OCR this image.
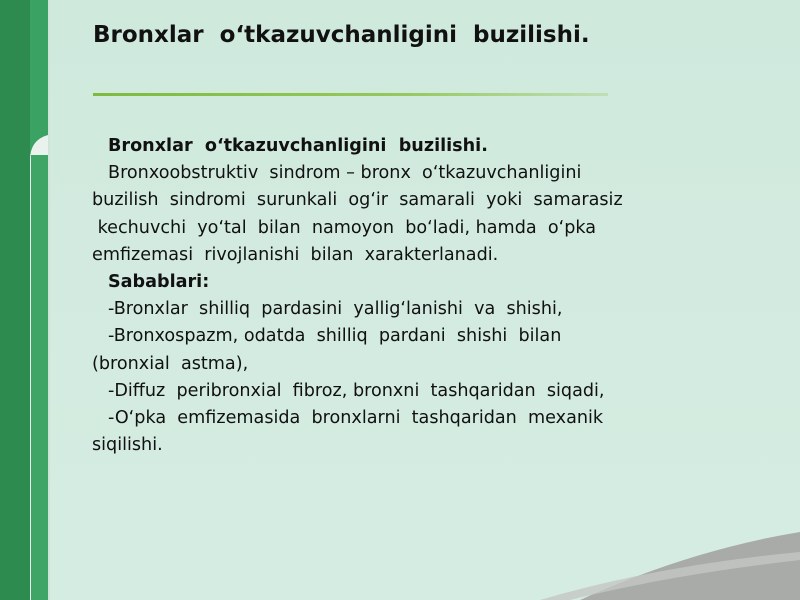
Bronxlar  o‘tkazuvchanligini  buzilishi.
Bronxlar  o‘tkazuvchanligini  buzilishi.
Bronxoobstruktiv  sindrom – bronx  o‘tkazuvchanligini
buzilish  sindromi  surunkali  og‘ir  samarali  yoki  samarasiz
kechuvchi  yo‘tal  bilan  namoyon  bo‘ladi, hamda  o‘pka
emfizemasi  rivojlanishi  bilan  xarakterlanadi.
Sabablari:
-Bronxlar  shilliq  pardasini  yallig‘lanishi  va  shishi,
-Bronxospazm, odatda  shilliq  pardani  shishi  bilan
(bronxial  astma),
-Diffuz  peribronxial  fibroz, bronxni  tashqaridan  siqadi,
-O‘pka  emfizemasida  bronxlarni  tashqaridan  mexanik
siqilishi.
